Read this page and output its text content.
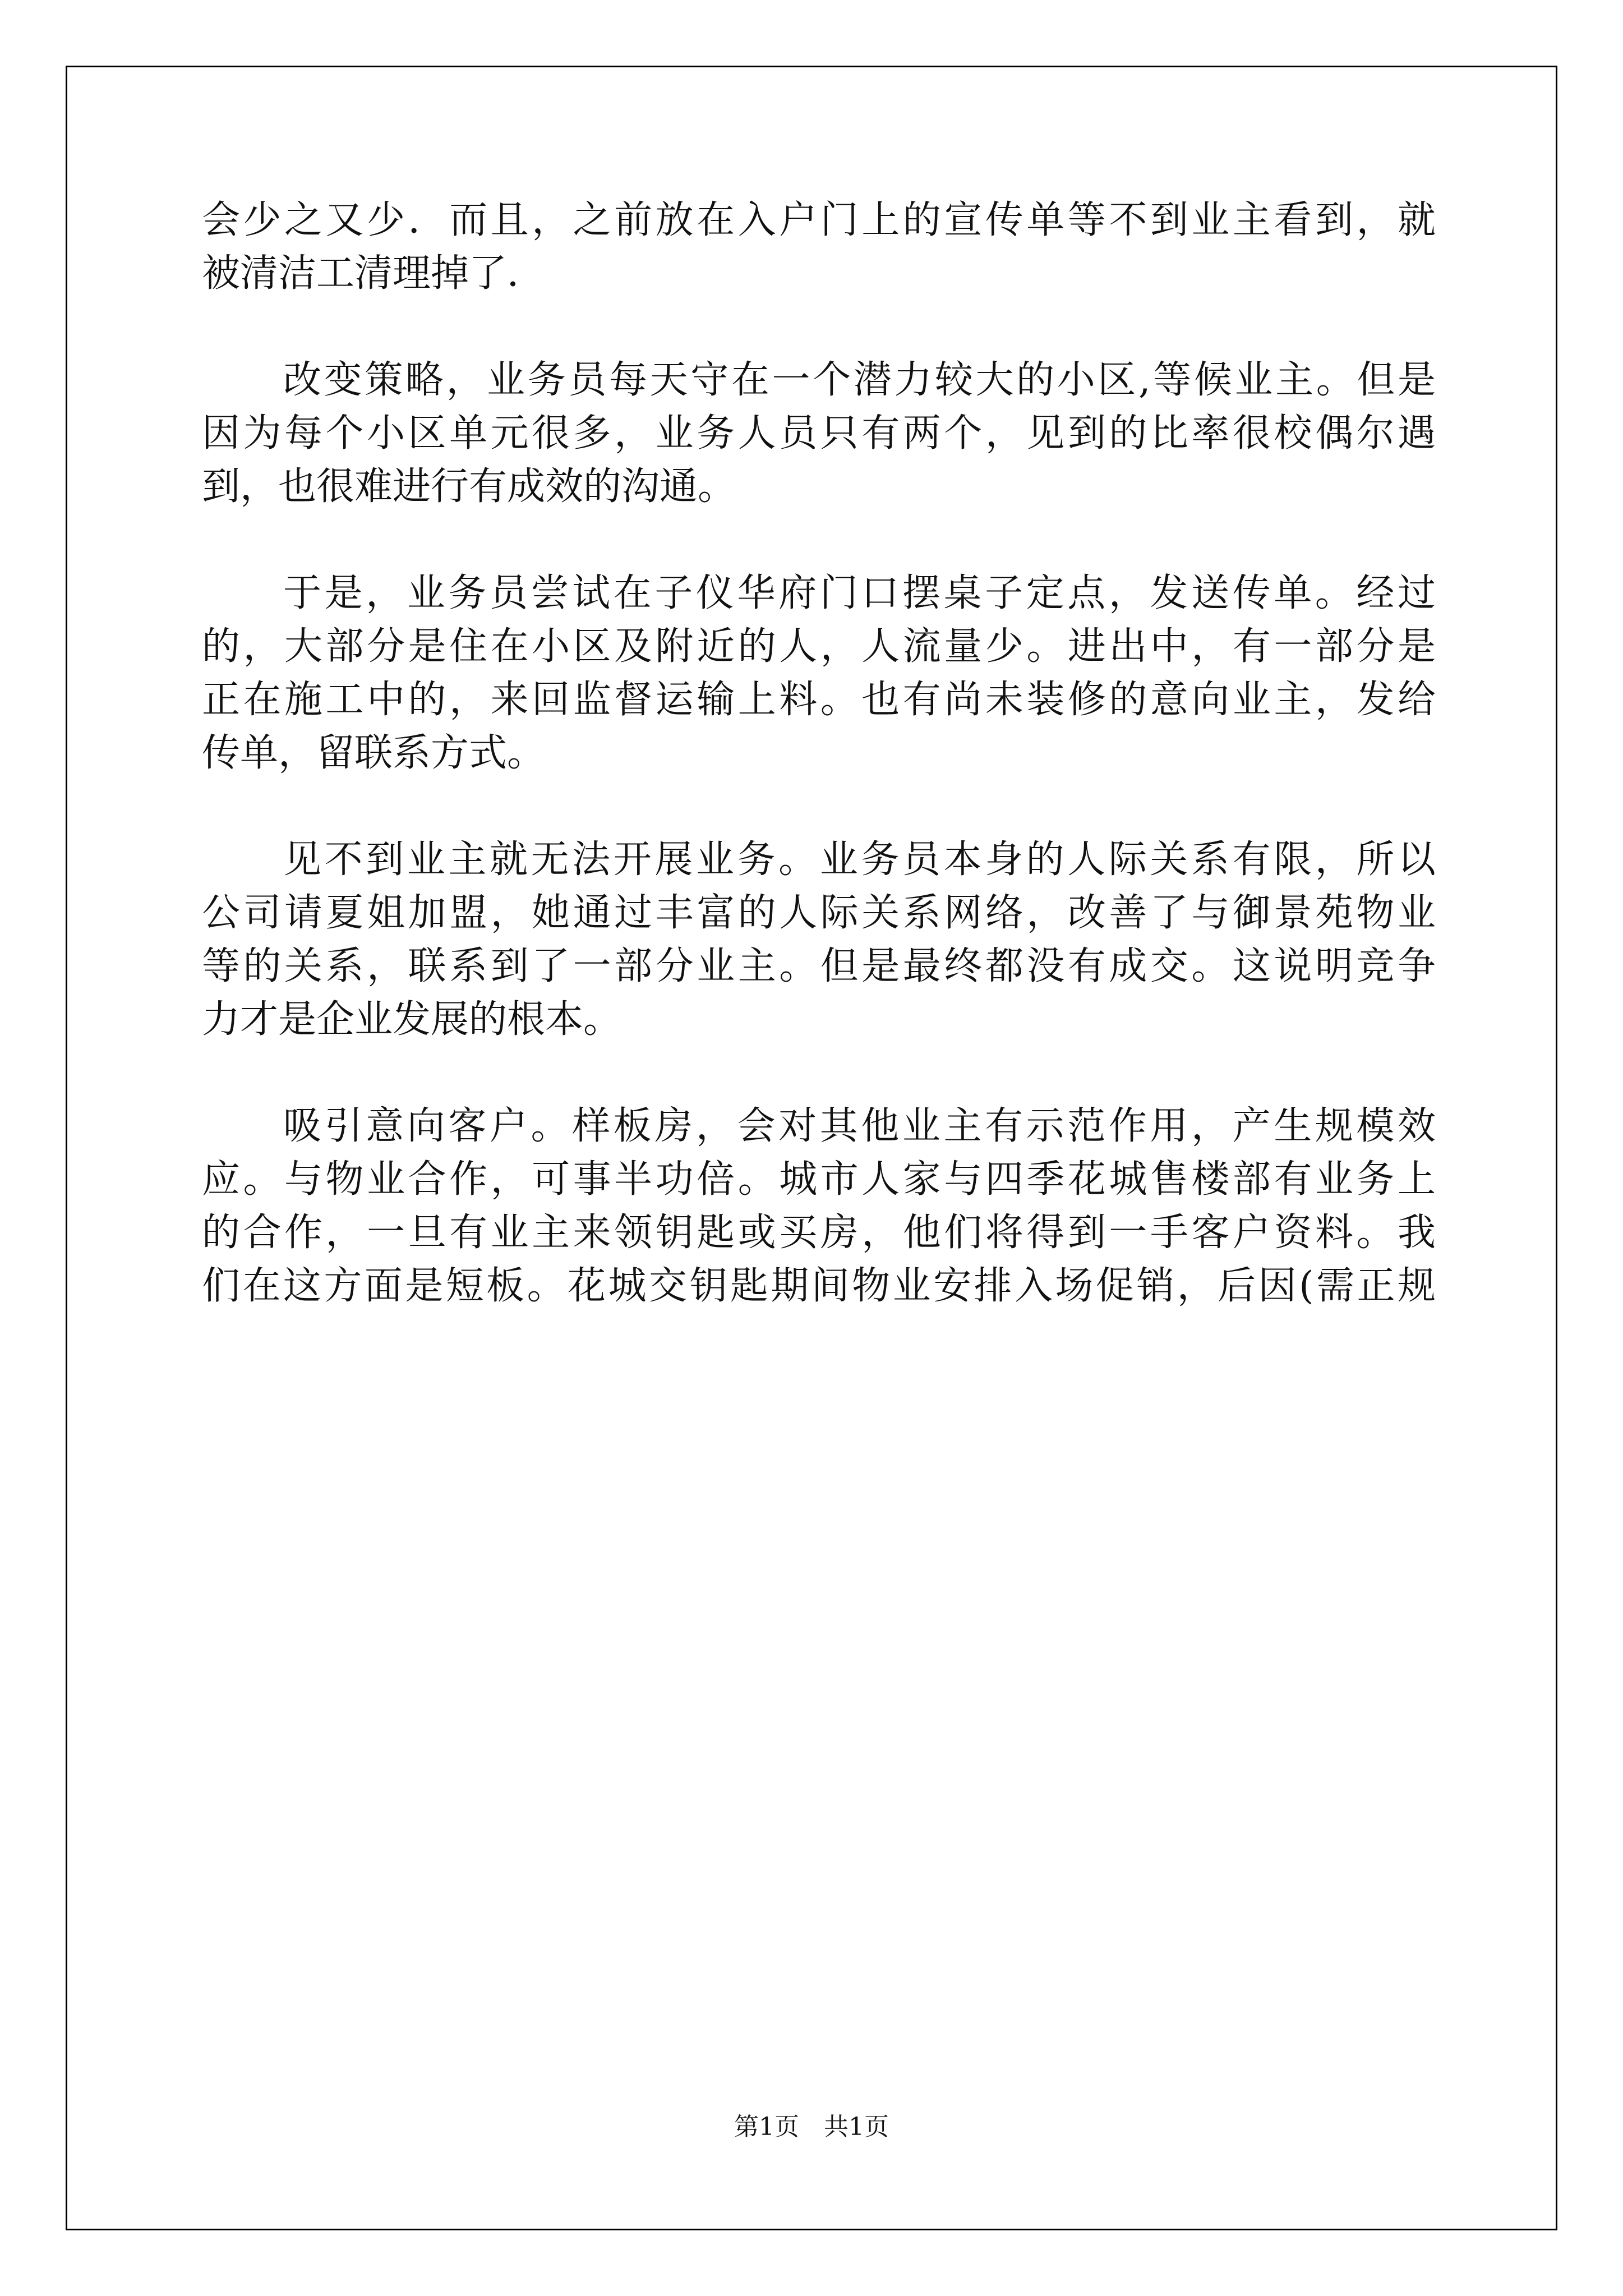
会少之又少．而且，之前放在入户门上的宣传单等不到业主看到，就
被清洁工清理掉了．
改变策略，业务员每天守在一个潜力较大的小区,等候业主。但是
因为每个小区单元很多，业务人员只有两个，见到的比率很校偶尔遇
到，也很难进行有成效的沟通。
于是，业务员尝试在子仪华府门口摆桌子定点，发送传单。经过
的，大部分是住在小区及附近的人，人流量少。进出中，有一部分是
正在施工中的，来回监督运输上料。也有尚未装修的意向业主，发给
传单，留联系方式。
见不到业主就无法开展业务。业务员本身的人际关系有限，所以
公司请夏姐加盟，她通过丰富的人际关系网络，改善了与御景苑物业
等的关系，联系到了一部分业主。但是最终都没有成交。这说明竞争
力才是企业发展的根本。
吸引意向客户。样板房，会对其他业主有示范作用，产生规模效
应。与物业合作，可事半功倍。城市人家与四季花城售楼部有业务上
的合作，一旦有业主来领钥匙或买房，他们将得到一手客户资料。我
们在这方面是短板。花城交钥匙期间物业安排入场促销，后因(需正规
第1页　共1页
